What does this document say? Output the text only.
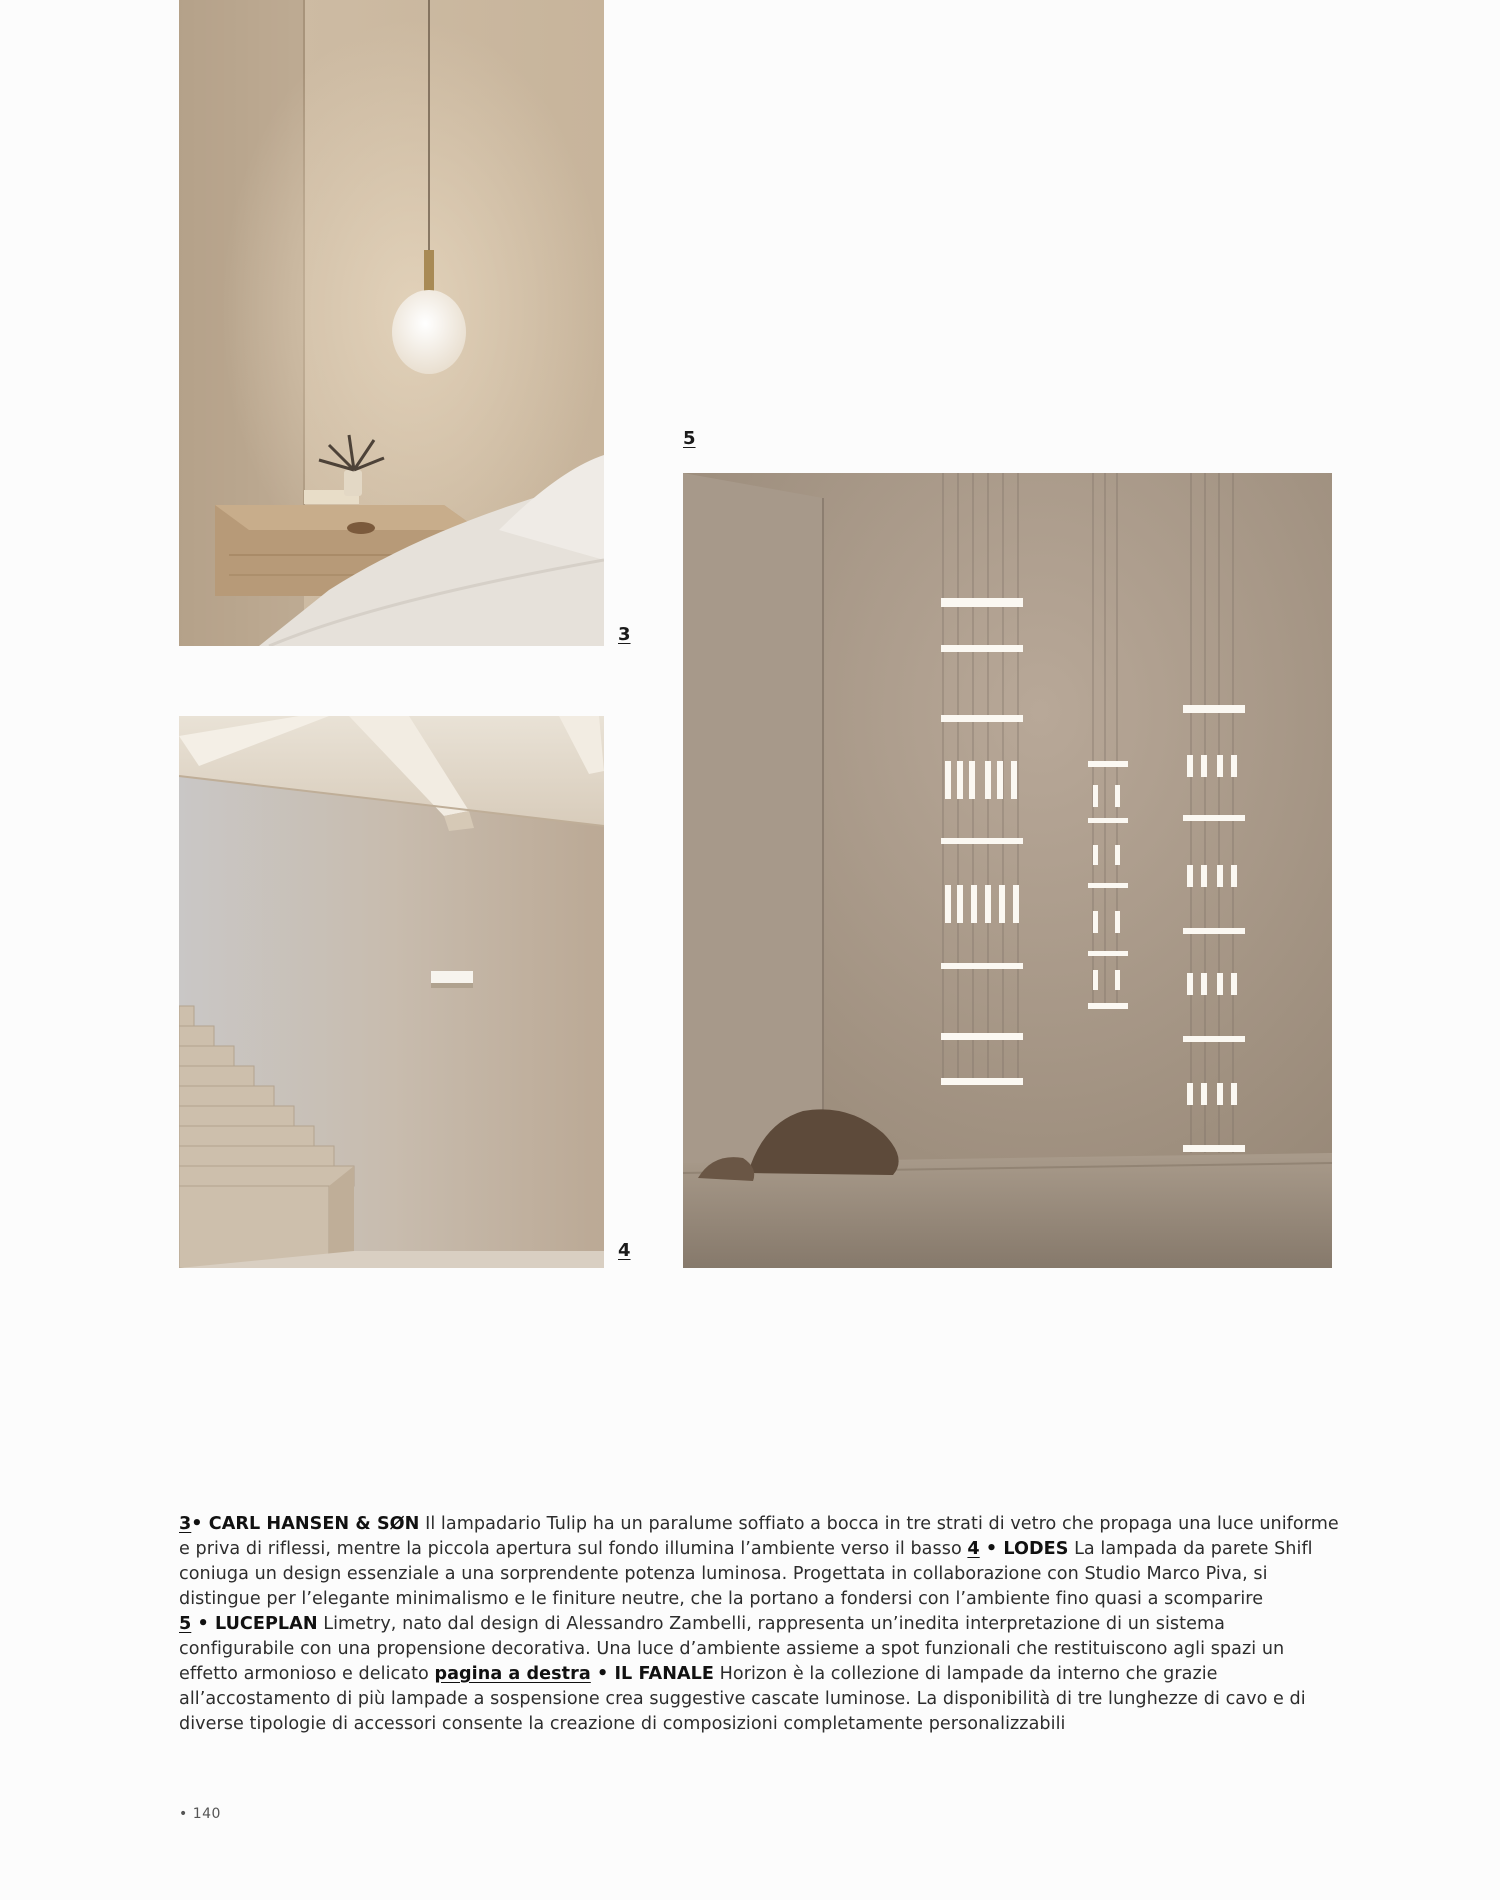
3
4
5
3• CARL HANSEN & SØN Il lampadario Tulip ha un paralume soffiato a bocca in tre strati di vetro che propaga una luce uniforme e priva di riflessi, mentre la piccola apertura sul fondo illumina l’ambiente verso il basso 4 • LODES La lampada da parete Shifl coniuga un design essenziale a una sorprendente potenza luminosa. Progettata in collaborazione con Studio Marco Piva, si distingue per l’elegante minimalismo e le finiture neutre, che la portano a fondersi con l’ambiente fino quasi a scomparire
5 • LUCEPLAN Limetry, nato dal design di Alessandro Zambelli, rappresenta un’inedita interpretazione di un sistema configurabile con una propensione decorativa. Una luce d’ambiente assieme a spot funzionali che restituiscono agli spazi un effetto armonioso e delicato pagina a destra • IL FANALE Horizon è la collezione di lampade da interno che grazie all’accostamento di più lampade a sospensione crea suggestive cascate luminose. La disponibilità di tre lunghezze di cavo e di diverse tipologie di accessori consente la creazione di composizioni completamente personalizzabili
• 140
